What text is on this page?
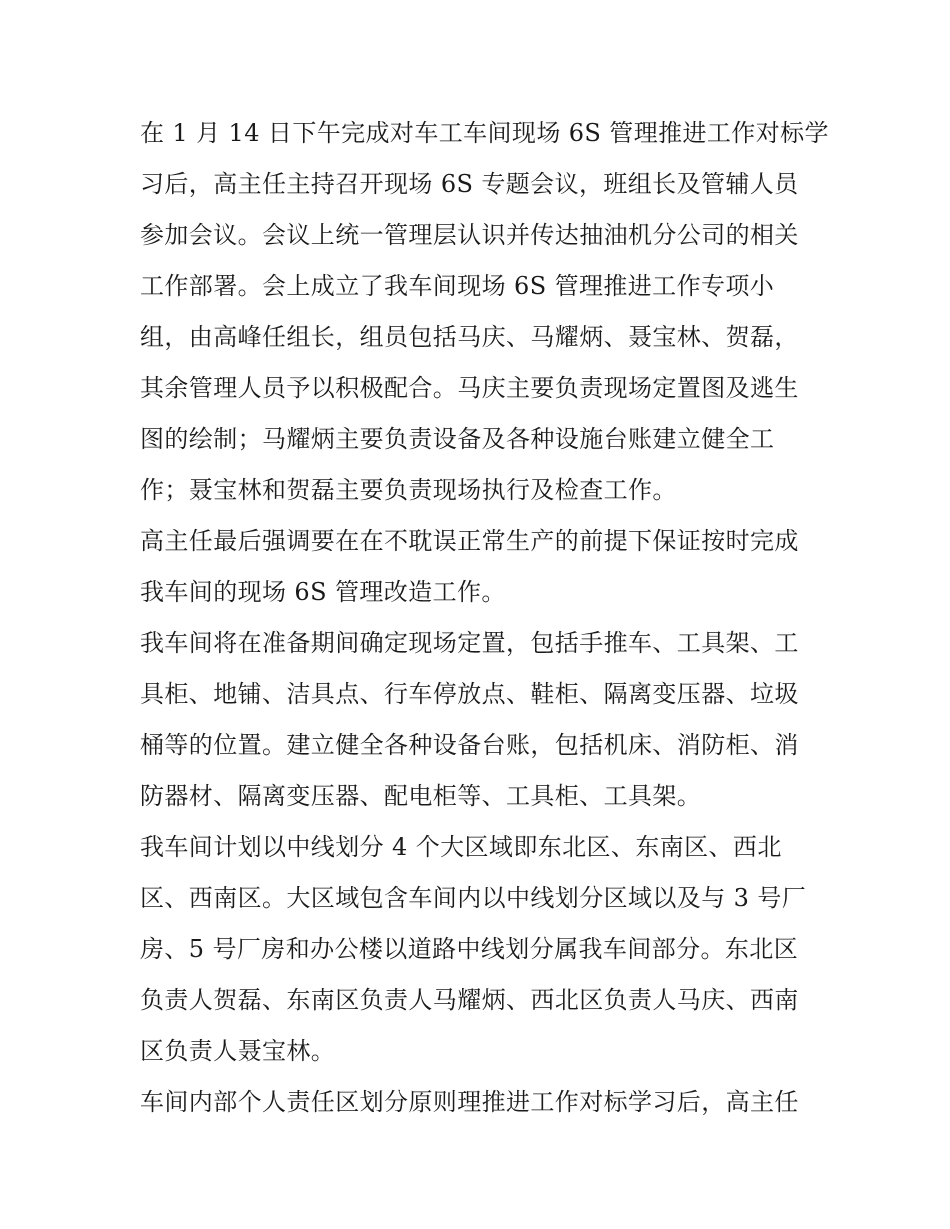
在 1 月 14 日下午完成对车工车间现场 6S 管理推进工作对标学
习后，高主任主持召开现场 6S 专题会议，班组长及管辅人员
参加会议。会议上统一管理层认识并传达抽油机分公司的相关
工作部署。会上成立了我车间现场 6S 管理推进工作专项小
组，由高峰任组长，组员包括马庆、马耀炳、聂宝林、贺磊，
其余管理人员予以积极配合。马庆主要负责现场定置图及逃生
图的绘制；马耀炳主要负责设备及各种设施台账建立健全工
作；聂宝林和贺磊主要负责现场执行及检查工作。
高主任最后强调要在在不耽误正常生产的前提下保证按时完成
我车间的现场 6S 管理改造工作。
我车间将在准备期间确定现场定置，包括手推车、工具架、工
具柜、地铺、洁具点、行车停放点、鞋柜、隔离变压器、垃圾
桶等的位置。建立健全各种设备台账，包括机床、消防柜、消
防器材、隔离变压器、配电柜等、工具柜、工具架。
我车间计划以中线划分 4 个大区域即东北区、东南区、西北
区、西南区。大区域包含车间内以中线划分区域以及与 3 号厂
房、5 号厂房和办公楼以道路中线划分属我车间部分。东北区
负责人贺磊、东南区负责人马耀炳、西北区负责人马庆、西南
区负责人聂宝林。
车间内部个人责任区划分原则理推进工作对标学习后，高主任
